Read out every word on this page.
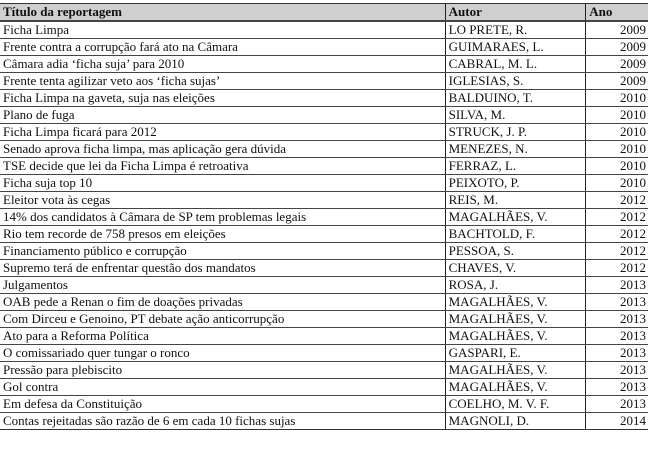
Título da reportagem	Autor	Ano
Ficha Limpa	LO PRETE, R.	2009
Frente contra a corrupção fará ato na Câmara	GUIMARAES, L.	2009
Câmara adia ‘ficha suja’ para 2010	CABRAL, M. L.	2009
Frente tenta agilizar veto aos ‘ficha sujas’	IGLESIAS, S.	2009
Ficha Limpa na gaveta, suja nas eleições	BALDUINO, T.	2010
Plano de fuga	SILVA, M.	2010
Ficha Limpa ficará para 2012	STRUCK, J. P.	2010
Senado aprova ficha limpa, mas aplicação gera dúvida	MENEZES, N.	2010
TSE decide que lei da Ficha Limpa é retroativa	FERRAZ, L.	2010
Ficha suja top 10	PEIXOTO, P.	2010
Eleitor vota às cegas	REIS, M.	2012
14% dos candidatos à Câmara de SP tem problemas legais	MAGALHÃES, V.	2012
Rio tem recorde de 758 presos em eleições	BACHTOLD, F.	2012
Financiamento público e corrupção	PESSOA, S.	2012
Supremo terá de enfrentar questão dos mandatos	CHAVES, V.	2012
Julgamentos	ROSA, J.	2013
OAB pede a Renan o fim de doações privadas	MAGALHÃES, V.	2013
Com Dirceu e Genoino, PT debate ação anticorrupção	MAGALHÃES, V.	2013
Ato para a Reforma Política	MAGALHÃES, V.	2013
O comissariado quer tungar o ronco	GASPARI, E.	2013
Pressão para plebiscito	MAGALHÃES, V.	2013
Gol contra	MAGALHÃES, V.	2013
Em defesa da Constituição	COELHO, M. V. F.	2013
Contas rejeitadas são razão de 6 em cada 10 fichas sujas	MAGNOLI, D.	2014
